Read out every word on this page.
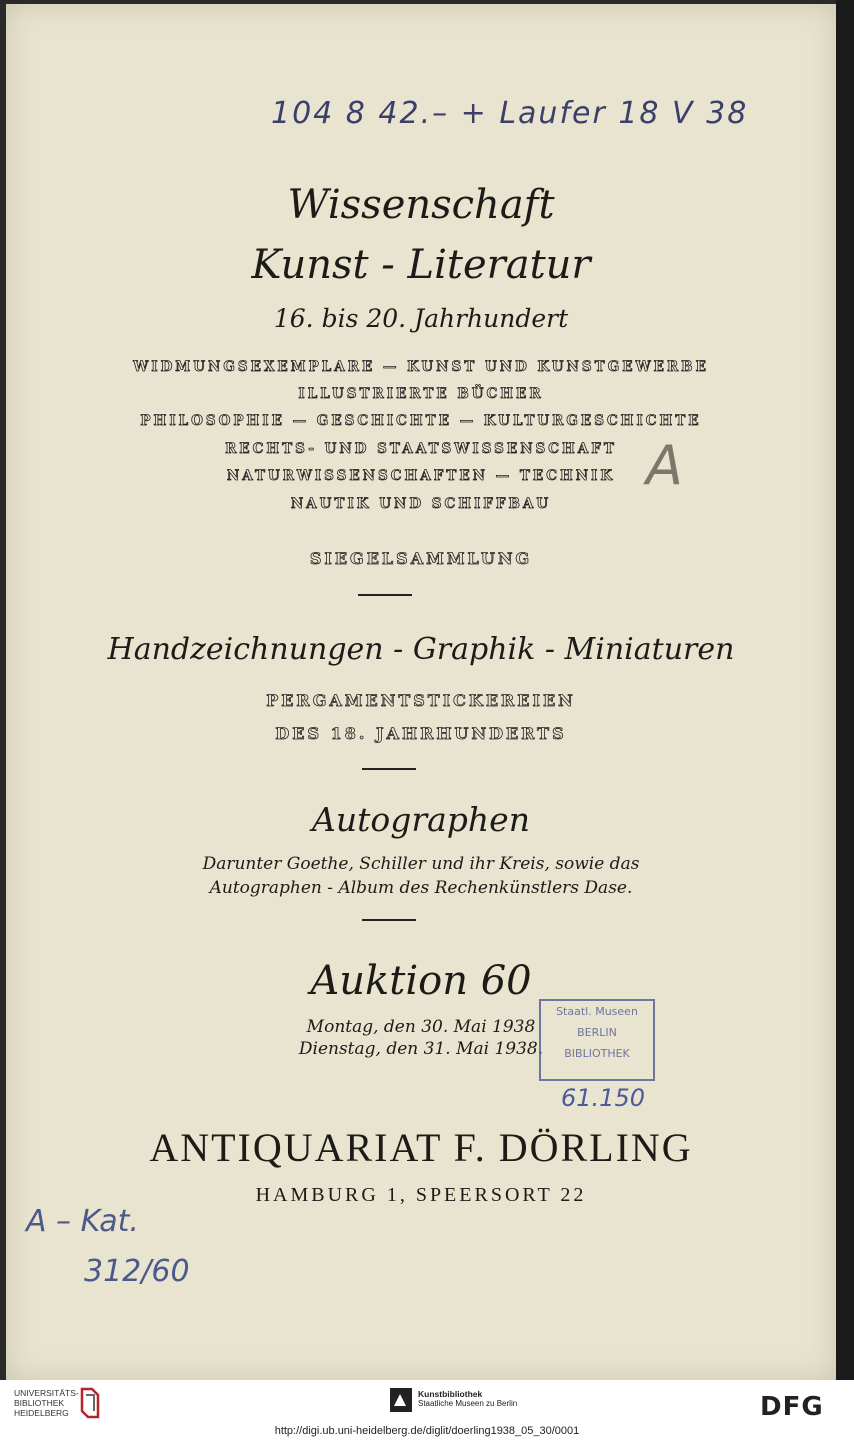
104 8 42.– + Laufer 18 V 38
Wissenschaft
Kunst - Literatur
16. bis 20. Jahrhundert
WIDMUNGSEXEMPLARE — KUNST UND KUNSTGEWERBE
ILLUSTRIERTE BÜCHER
PHILOSOPHIE — GESCHICHTE — KULTURGESCHICHTE
RECHTS- UND STAATSWISSENSCHAFT
NATURWISSENSCHAFTEN — TECHNIK
NAUTIK UND SCHIFFBAU
A
SIEGELSAMMLUNG
Handzeichnungen - Graphik - Miniaturen
PERGAMENTSTICKEREIEN
DES 18. JAHRHUNDERTS
Autographen
Darunter Goethe, Schiller und ihr Kreis, sowie das
Autographen - Album des Rechenkünstlers Dase.
Auktion 60
Montag, den 30. Mai 1938
Dienstag, den 31. Mai 1938.
Staatl. Museen
BERLIN
BIBLIOTHEK
61.150
ANTIQUARIAT F. DÖRLING
HAMBURG 1, SPEERSORT 22
A – Kat.
312/60
UNIVERSITÄTS-
BIBLIOTHEK
HEIDELBERG
Kunstbibliothek
Staatliche Museen zu Berlin	DFG
http://digi.ub.uni-heidelberg.de/diglit/doerling1938_05_30/0001
